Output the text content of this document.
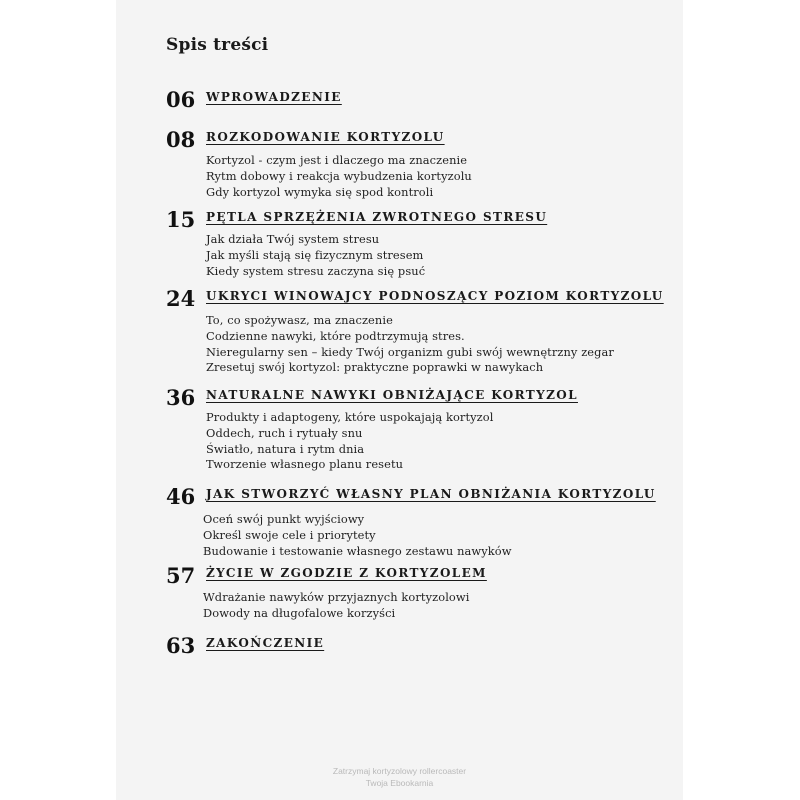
Spis treści
06 WPROWADZENIE
08 ROZKODOWANIE KORTYZOLU
Kortyzol - czym jest i dlaczego ma znaczenie
Rytm dobowy i reakcja wybudzenia kortyzolu
Gdy kortyzol wymyka się spod kontroli
15 PĘTLA SPRZĘŻENIA ZWROTNEGO STRESU
Jak działa Twój system stresu
Jak myśli stają się fizycznym stresem
Kiedy system stresu zaczyna się psuć
24 UKRYCI WINOWAJCY PODNOSZĄCY POZIOM KORTYZOLU
To, co spożywasz, ma znaczenie
Codzienne nawyki, które podtrzymują stres.
Nieregularny sen – kiedy Twój organizm gubi swój wewnętrzny zegar
Zresetuj swój kortyzol: praktyczne poprawki w nawykach
36 NATURALNE NAWYKI OBNIŻAJĄCE KORTYZOL
Produkty i adaptogeny, które uspokajają kortyzol
Oddech, ruch i rytuały snu
Światło, natura i rytm dnia
Tworzenie własnego planu resetu
46 JAK STWORZYĆ WŁASNY PLAN OBNIŻANIA KORTYZOLU
Oceń swój punkt wyjściowy
Określ swoje cele i priorytety
Budowanie i testowanie własnego zestawu nawyków
57 ŻYCIE W ZGODZIE Z KORTYZOLEM
Wdrażanie nawyków przyjaznych kortyzolowi
Dowody na długofalowe korzyści
63 ZAKOŃCZENIE
Zatrzymaj kortyzolowy rollercoaster
Twoja Ebookarnia
